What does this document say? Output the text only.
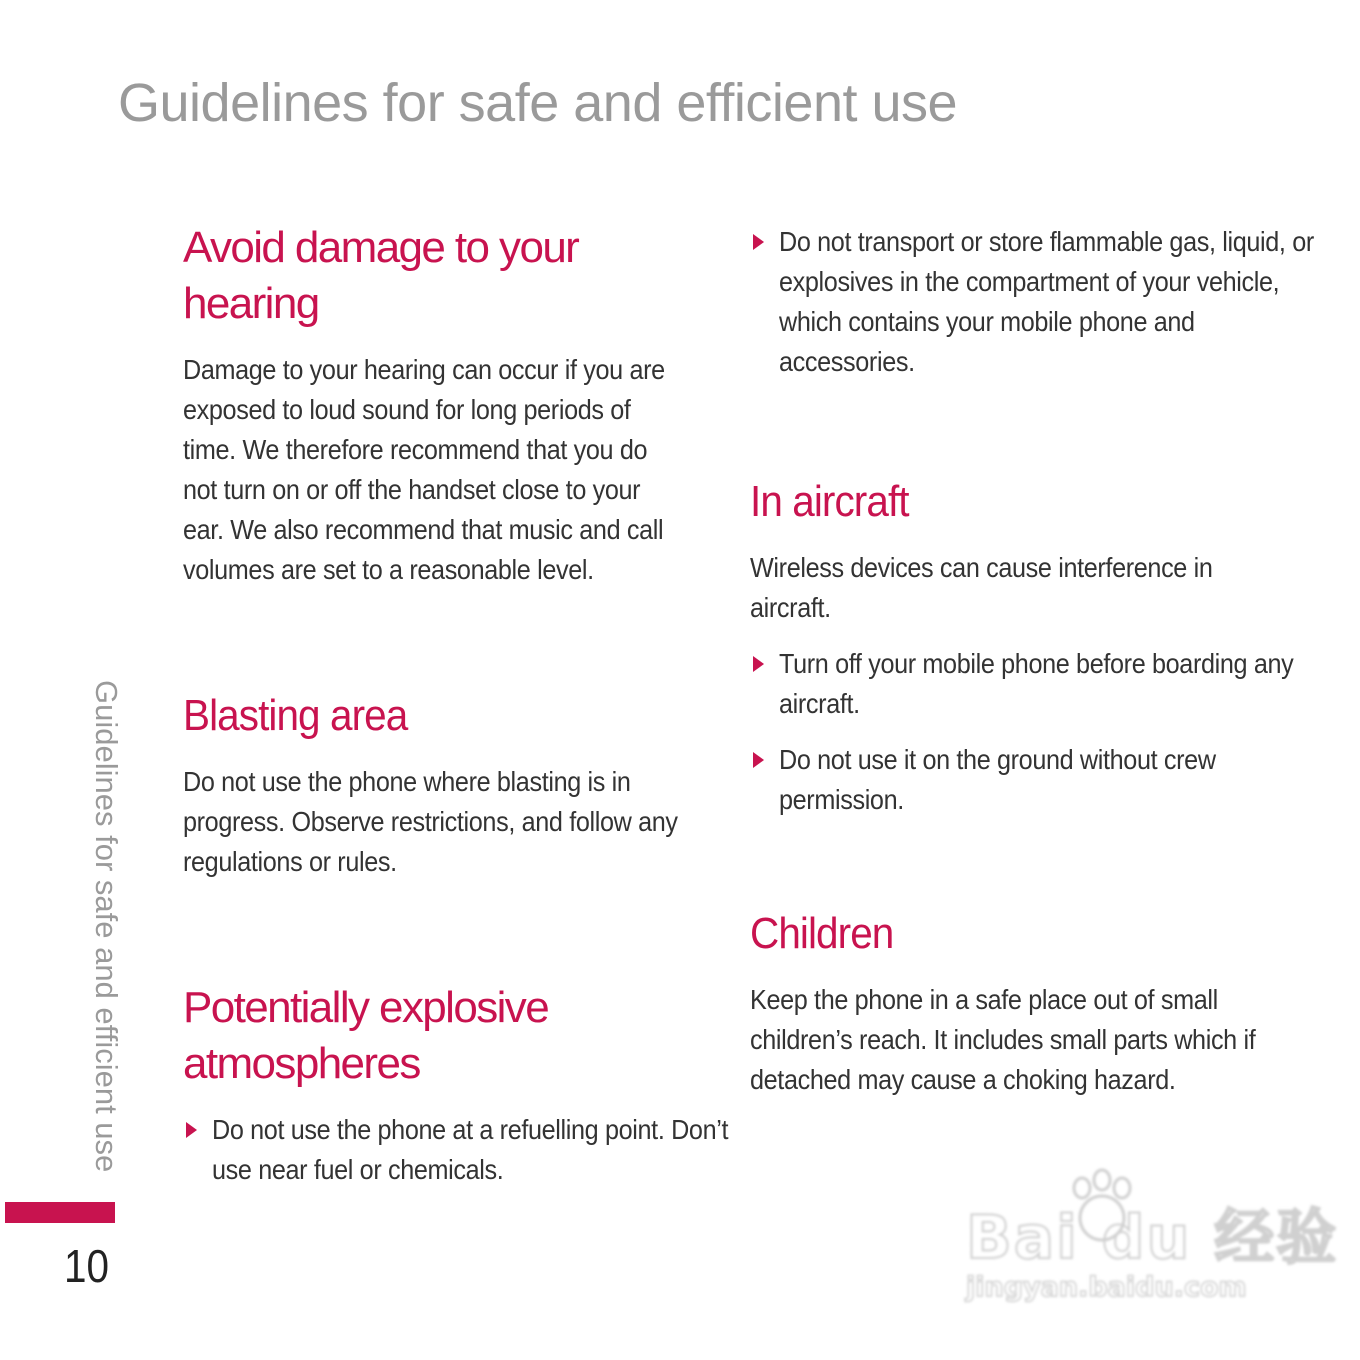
Guidelines for safe and efficient use
Avoid damage to your hearing

Damage to your hearing can occur if you are exposed to loud sound for long periods of time. We therefore recommend that you do not turn on or off the handset close to your ear. We also recommend that music and call volumes are set to a reasonable level.

Blasting area

Do not use the phone where blasting is in progress. Observe restrictions, and follow any regulations or rules.

Potentially explosive atmospheres

Do not use the phone at a refuelling point. Don’t use near fuel or chemicals.

Do not transport or store flammable gas, liquid, or explosives in the compartment of your vehicle, which contains your mobile phone and accessories.

In aircraft

Wireless devices can cause interference in aircraft.

Turn off your mobile phone before boarding any aircraft.

Do not use it on the ground without crew permission.

Children

Keep the phone in a safe place out of small children’s reach. It includes small parts which if detached may cause a choking hazard.

Guidelines for safe and efficient use
10	Bai du 经验
jingyan.baidu.com
